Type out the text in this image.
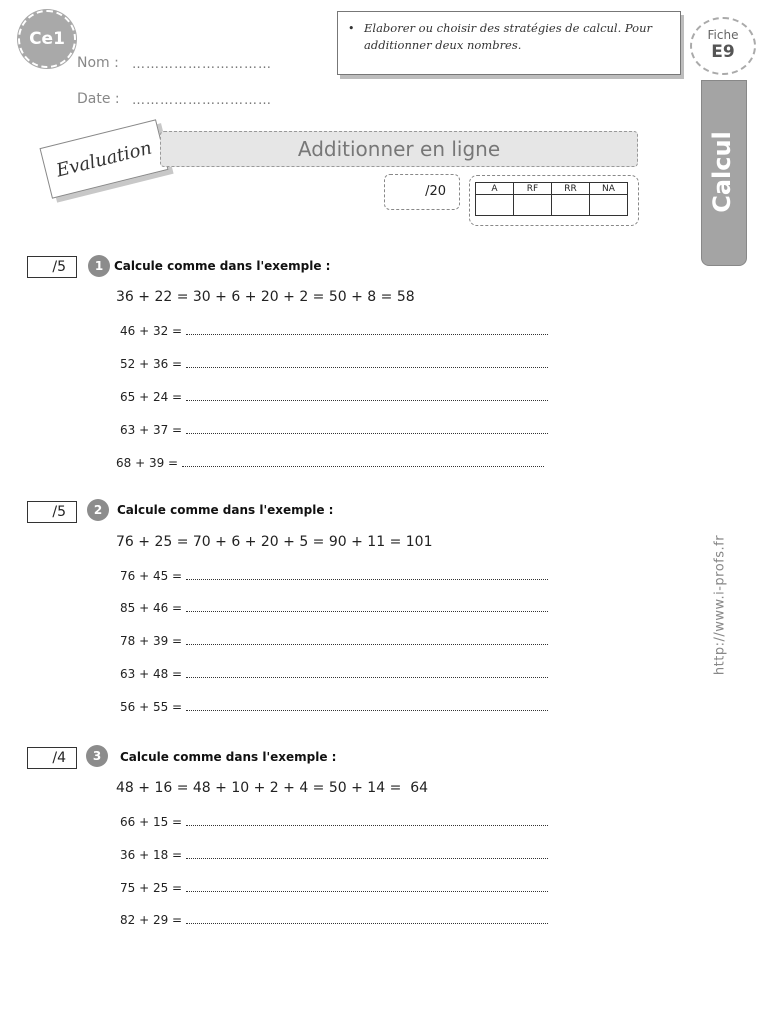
Ce1
Nom : …………………………
Date : …………………………
• Elaborer ou choisir des stratégies de calcul. Pour additionner deux nombres.
Fiche
E9
Calcul
Evaluation	Additionner en ligne
/20	A	RF	RR	NA

/5	1 Calcule comme dans l'exemple :
36 + 22 = 30 + 6 + 20 + 2 = 50 + 8 = 58
46 + 32 =
52 + 36 =
65 + 24 =
63 + 37 =
68 + 39 =
/5	2	Calcule comme dans l'exemple :
76 + 25 = 70 + 6 + 20 + 5 = 90 + 11 = 101
76 + 45 =
85 + 46 =
78 + 39 =
63 + 48 =
56 + 55 =
/4	3	Calcule comme dans l'exemple :
48 + 16 = 48 + 10 + 2 + 4 = 50 + 14 =  64
66 + 15 =
36 + 18 =
75 + 25 =
82 + 29 =
http://www.i-profs.fr
